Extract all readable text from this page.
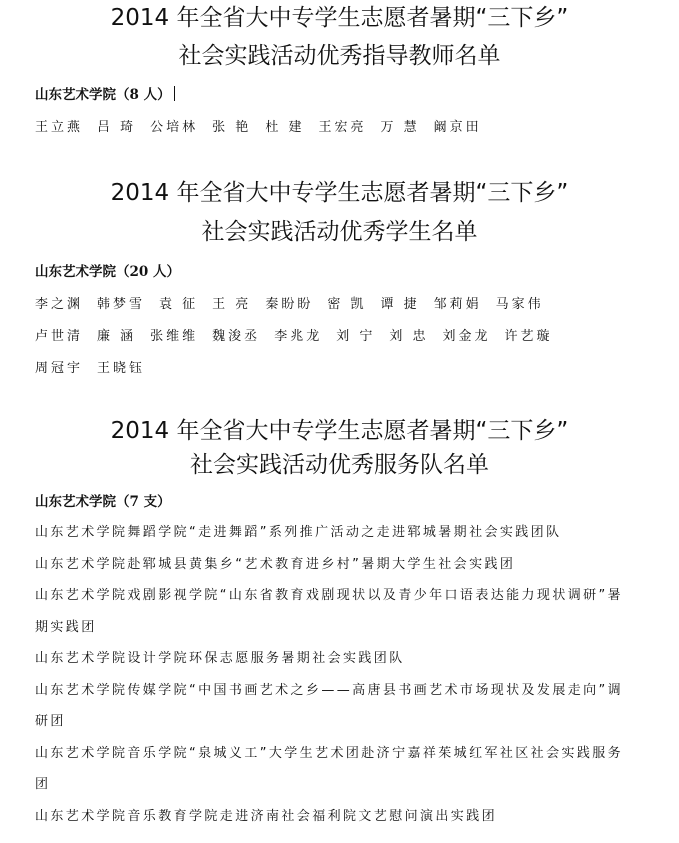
2014 年全省大中专学生志愿者暑期“三下乡”
社会实践活动优秀指导教师名单
山东艺术学院（8 人）
王立燕 吕 琦 公培林 张 艳 杜 建 王宏亮 万 慧 阚京田
2014 年全省大中专学生志愿者暑期“三下乡”
社会实践活动优秀学生名单
山东艺术学院（20 人）
李之渊 韩梦雪 袁 征 王 亮 秦盼盼 密 凯 谭 捷 邹莉娟 马家伟
卢世清 廉 涵 张维维 魏浚丞 李兆龙 刘 宁 刘 忠 刘金龙 许艺璇
周冠宇 王晓钰
2014 年全省大中专学生志愿者暑期“三下乡”
社会实践活动优秀服务队名单
山东艺术学院（7 支）
山东艺术学院舞蹈学院“走进舞蹈”系列推广活动之走进郓城暑期社会实践团队
山东艺术学院赴郓城县黄集乡“艺术教育进乡村”暑期大学生社会实践团
山东艺术学院戏剧影视学院“山东省教育戏剧现状以及青少年口语表达能力现状调研”暑期实践团
山东艺术学院设计学院环保志愿服务暑期社会实践团队
山东艺术学院传媒学院“中国书画艺术之乡——高唐县书画艺术市场现状及发展走向”调研团
山东艺术学院音乐学院“泉城义工”大学生艺术团赴济宁嘉祥茱城红军社区社会实践服务团
山东艺术学院音乐教育学院走进济南社会福利院文艺慰问演出实践团
